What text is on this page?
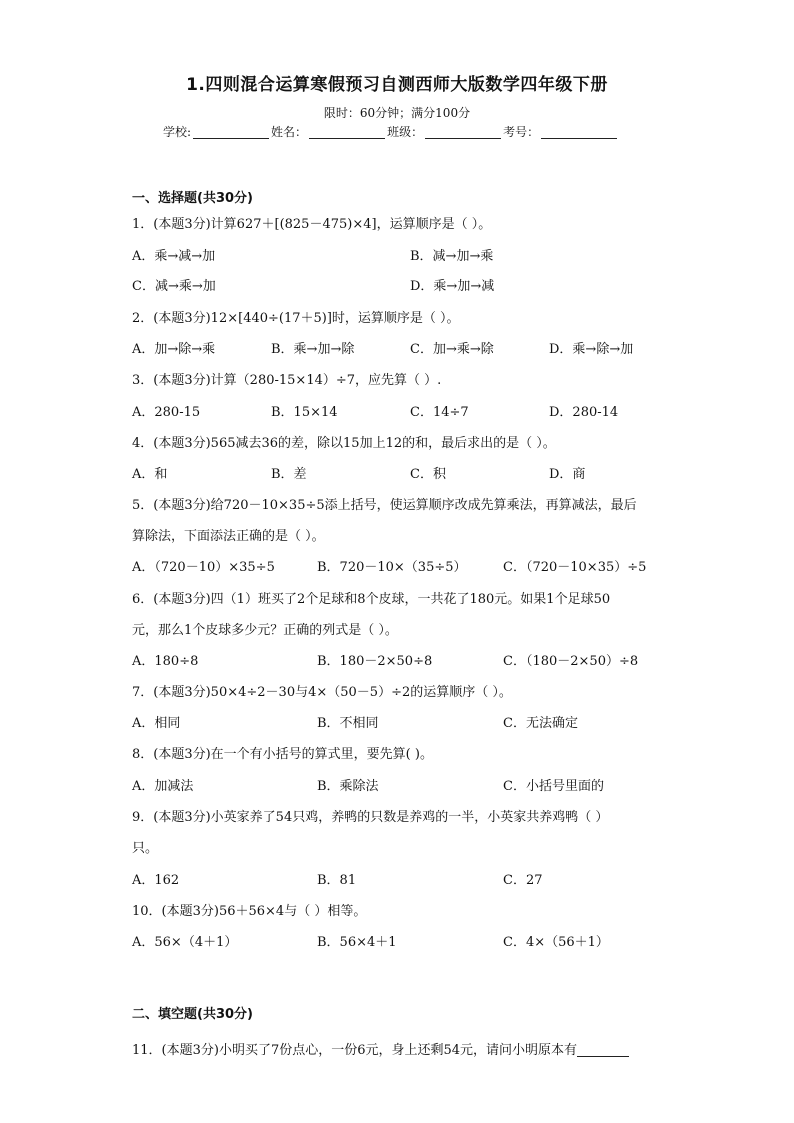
1.四则混合运算寒假预习自测西师大版数学四年级下册
限时：60分钟；满分100分
学校:	姓名：	班级：	考号：
一、选择题(共30分)
1．(本题3分)计算627＋[(825－475)×4]，运算顺序是（ ）。
A．乘→减→加	B．减→加→乘
C．减→乘→加	D．乘→加→减
2．(本题3分)12×[440÷(17＋5)]时，运算顺序是（ ）。
A．加→除→乘	B．乘→加→除	C．加→乘→除	D．乘→除→加
3．(本题3分)计算（280-15×14）÷7，应先算（ ）.
A．280-15	B．15×14	C．14÷7	D．280-14
4．(本题3分)565减去36的差，除以15加上12的和，最后求出的是（ ）。
A．和	B．差	C．积	D．商
5．(本题3分)给720－10×35÷5添上括号，使运算顺序改成先算乘法，再算减法，最后
算除法，下面添法正确的是（ ）。
A．（720－10）×35÷5	B．720－10×（35÷5）	C．（720－10×35）÷5
6．(本题3分)四（1）班买了2个足球和8个皮球，一共花了180元。如果1个足球50
元，那么1个皮球多少元？正确的列式是（ ）。
A．180÷8	B．180－2×50÷8	C．（180－2×50）÷8
7．(本题3分)50×4÷2－30与4×（50－5）÷2的运算顺序（ ）。
A．相同	B．不相同	C．无法确定
8．(本题3分)在一个有小括号的算式里，要先算( )。
A．加减法	B．乘除法	C．小括号里面的
9．(本题3分)小英家养了54只鸡，养鸭的只数是养鸡的一半，小英家共养鸡鸭（ ）
只。
A．162	B．81	C．27
10．(本题3分)56＋56×4与（ ）相等。
A．56×（4＋1）	B．56×4＋1	C．4×（56＋1）
二、填空题(共30分)
11．(本题3分)小明买了7份点心，一份6元，身上还剩54元，请问小明原本有
